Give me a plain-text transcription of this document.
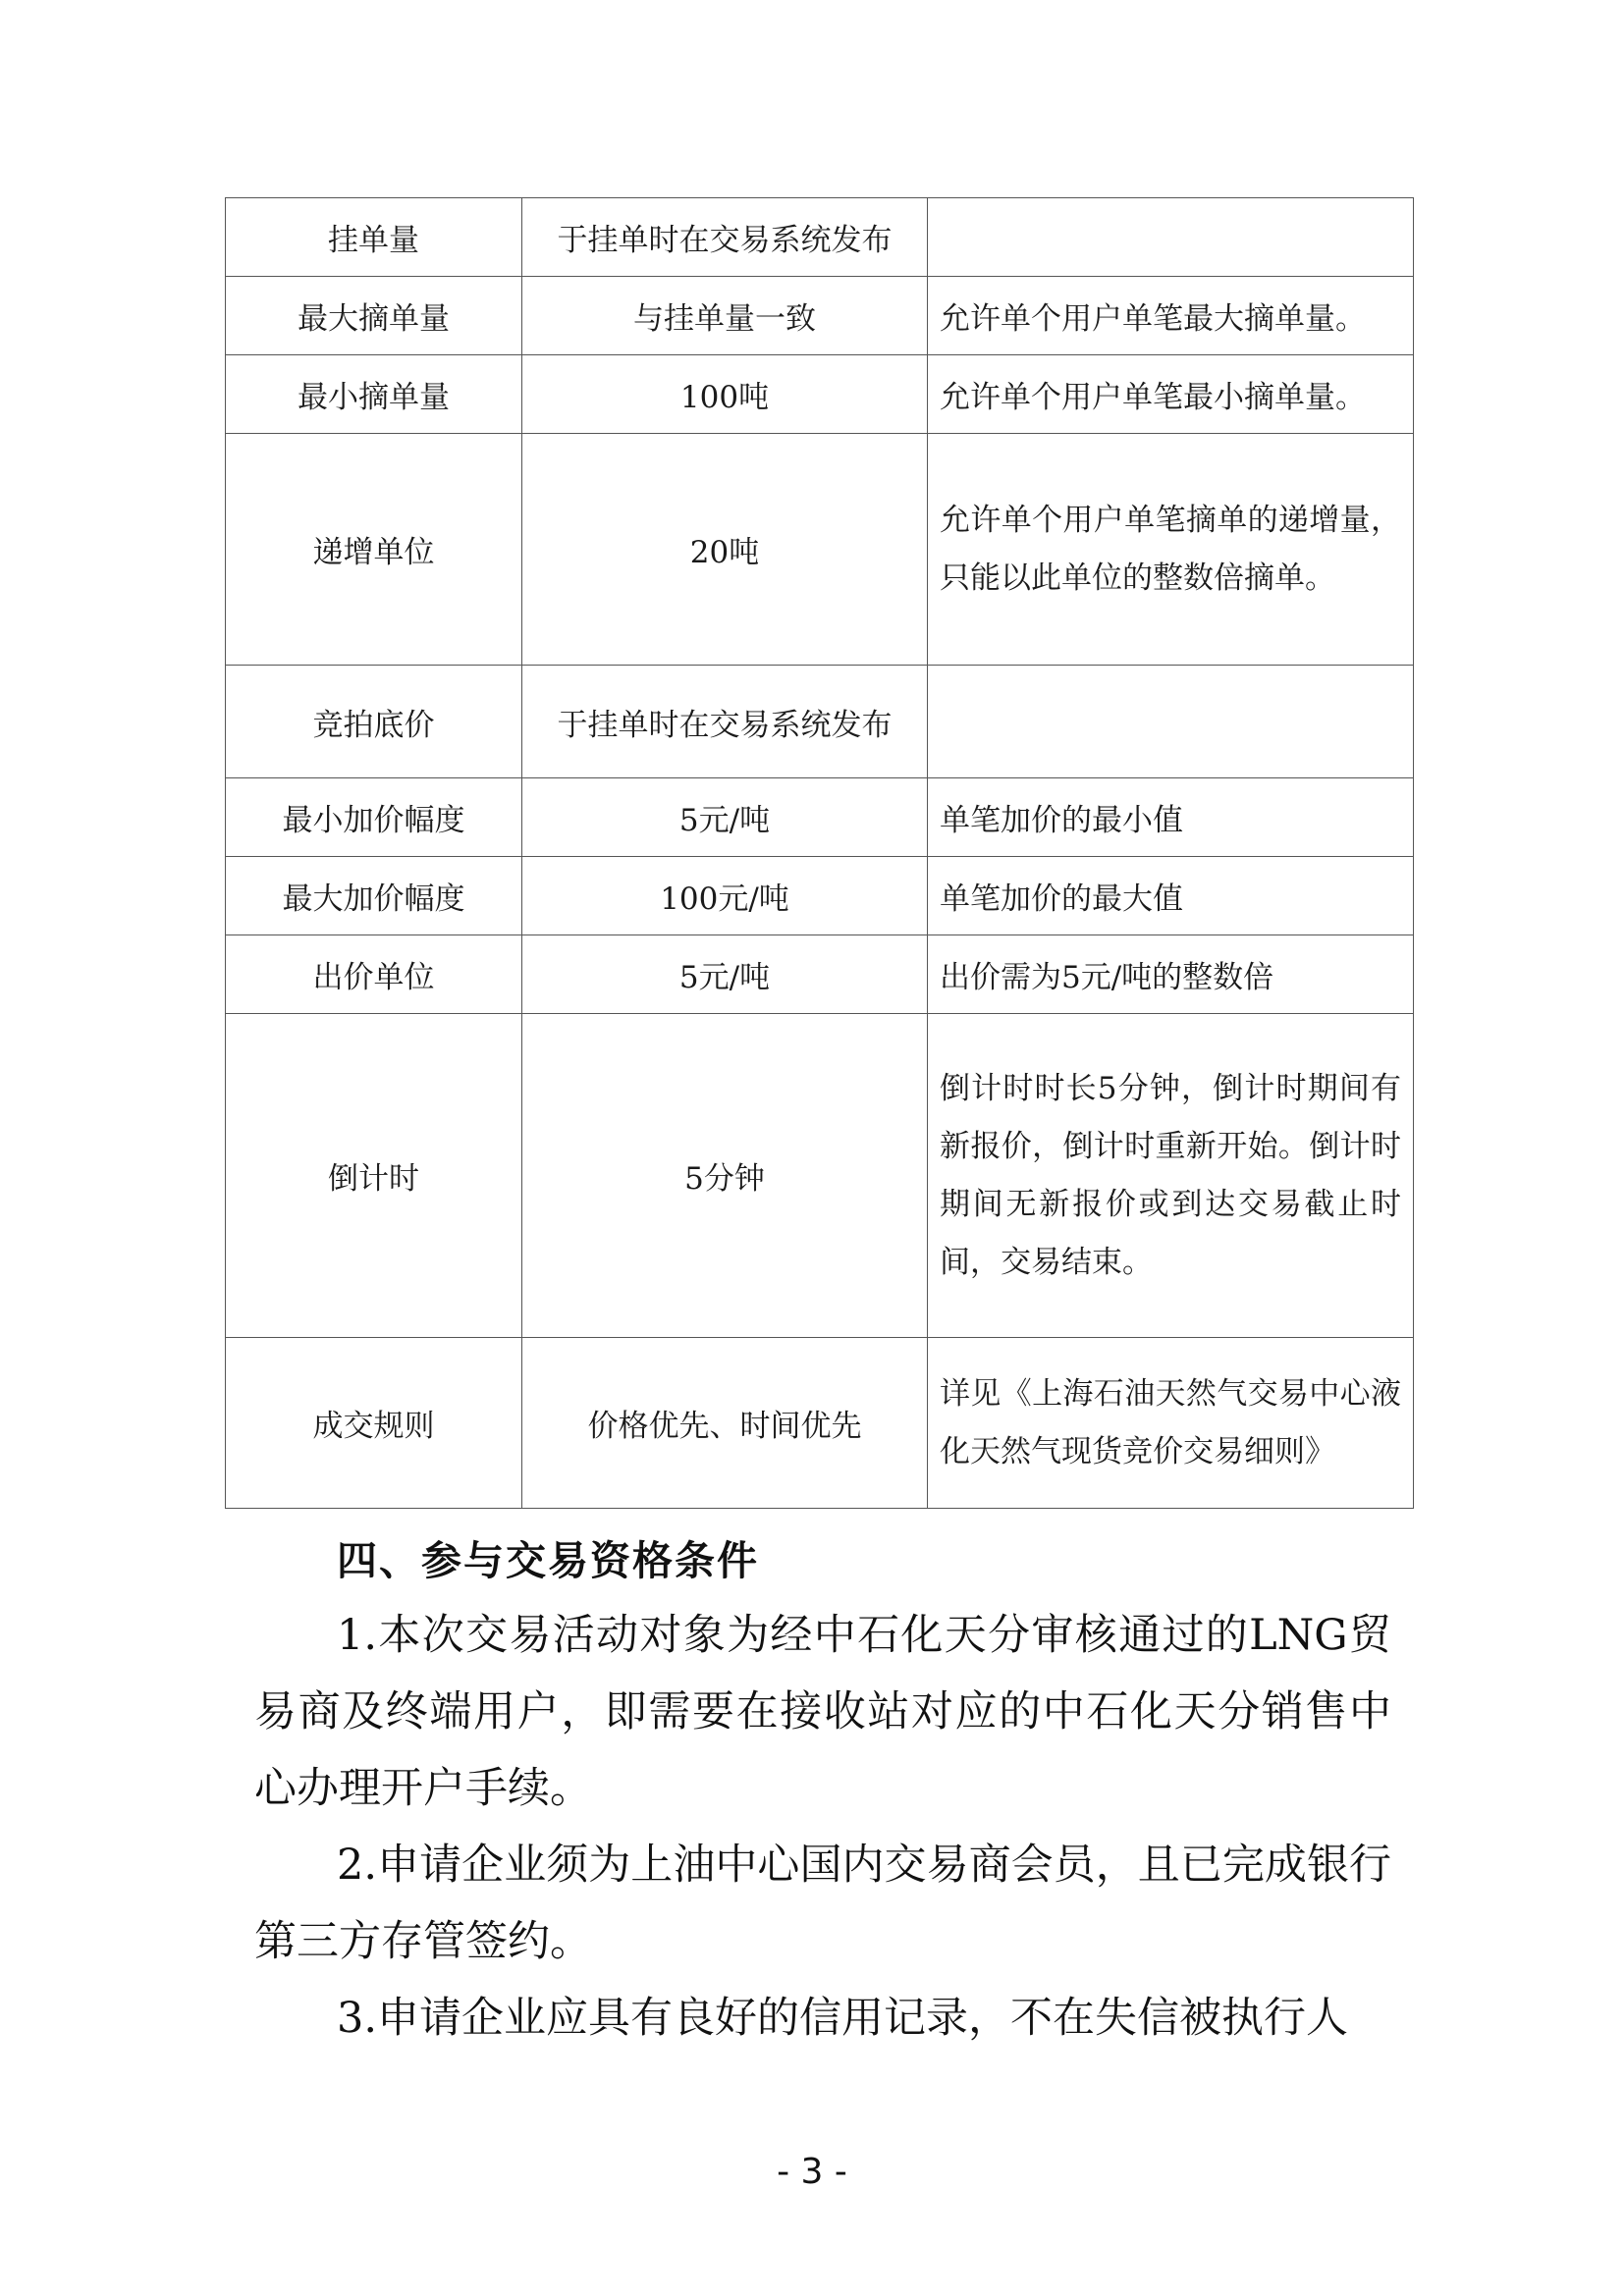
挂单量	于挂单时在交易系统发布	
最大摘单量	与挂单量一致	允许单个用户单笔最大摘单量。
最小摘单量	100吨	允许单个用户单笔最小摘单量。
递增单位	20吨	允许单个用户单笔摘单的递增量，只能以此单位的整数倍摘单。
竞拍底价	于挂单时在交易系统发布	
最小加价幅度	5元/吨	单笔加价的最小值
最大加价幅度	100元/吨	单笔加价的最大值
出价单位	5元/吨	出价需为5元/吨的整数倍
倒计时	5分钟	倒计时时长5分钟，倒计时期间有新报价，倒计时重新开始。倒计时期间无新报价或到达交易截止时间，交易结束。
成交规则	价格优先、时间优先	详见《上海石油天然气交易中心液化天然气现货竞价交易细则》
四、参与交易资格条件

1.本次交易活动对象为经中石化天分审核通过的LNG贸易商及终端用户，即需要在接收站对应的中石化天分销售中心办理开户手续。

2.申请企业须为上油中心国内交易商会员，且已完成银行第三方存管签约。

3.申请企业应具有良好的信用记录，不在失信被执行人

- 3 -
